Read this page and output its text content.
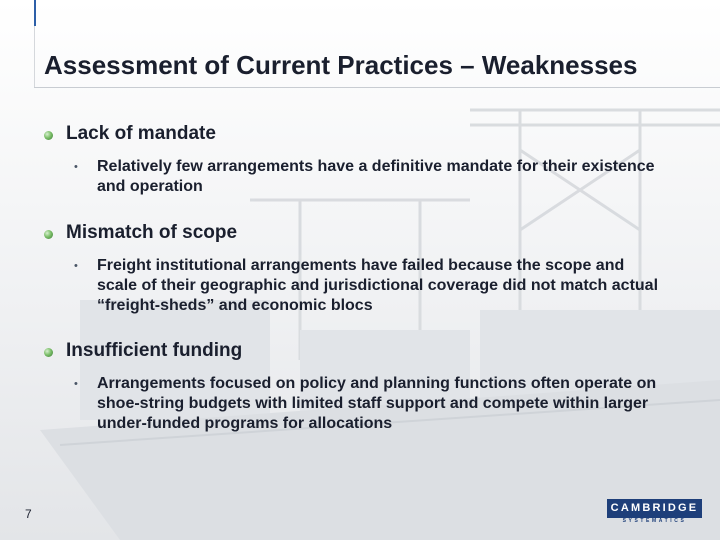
Assessment of Current Practices – Weaknesses
Lack of mandate
•	Relatively few arrangements have a definitive mandate for their existence and operation
Mismatch of scope
•	Freight institutional arrangements have failed because the scope and scale of their geographic and jurisdictional coverage did not match actual “freight-sheds” and economic blocs
Insufficient funding
•	Arrangements focused on policy and planning functions often operate on shoe-string budgets with limited staff support and compete within larger under-funded programs for allocations
7	CAMBRIDGE
SYSTEMATICS
